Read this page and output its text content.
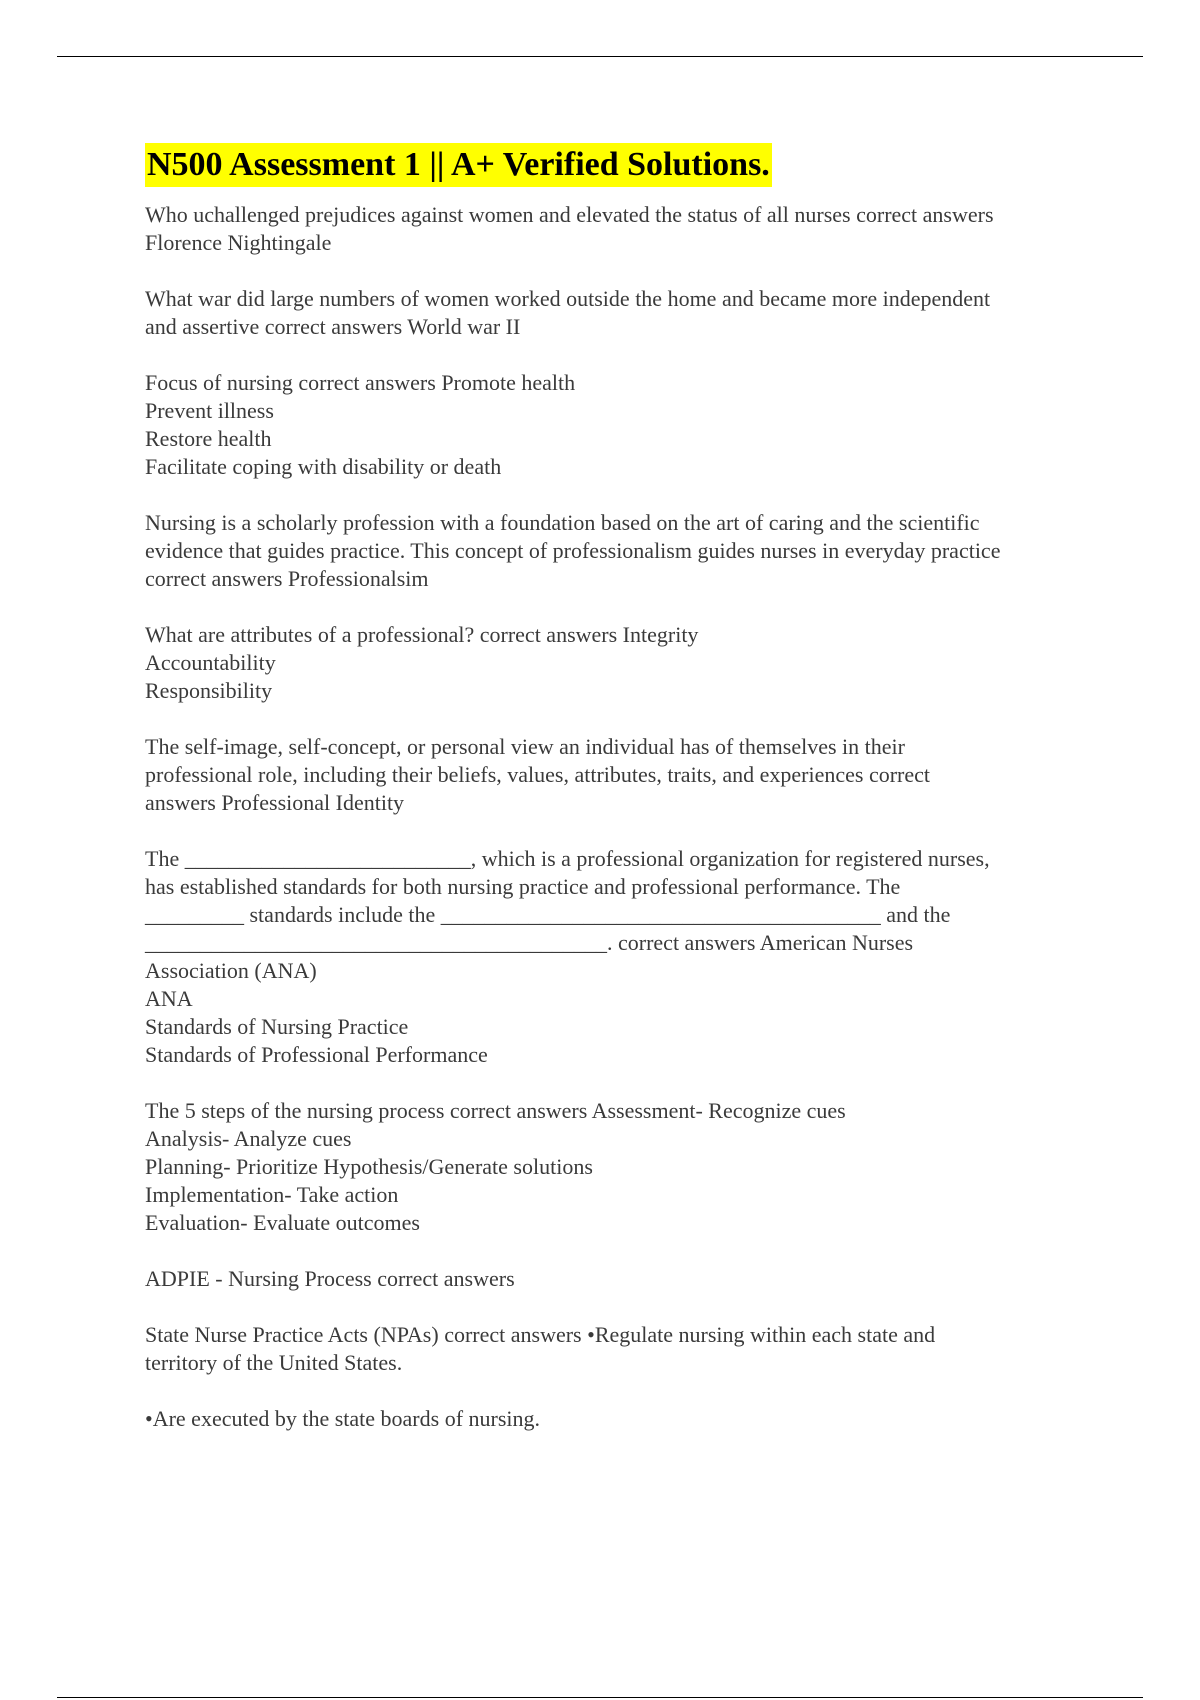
N500 Assessment 1 || A+ Verified Solutions.
Who uchallenged prejudices against women and elevated the status of all nurses correct answers
Florence Nightingale
What war did large numbers of women worked outside the home and became more independent
and assertive correct answers World war II
Focus of nursing correct answers Promote health
Prevent illness
Restore health
Facilitate coping with disability or death
Nursing is a scholarly profession with a foundation based on the art of caring and the scientific
evidence that guides practice. This concept of professionalism guides nurses in everyday practice
correct answers Professionalsim
What are attributes of a professional? correct answers Integrity
Accountability
Responsibility
The self-image, self-concept, or personal view an individual has of themselves in their
professional role, including their beliefs, values, attributes, traits, and experiences correct
answers Professional Identity
The __________________________, which is a professional organization for registered nurses,
has established standards for both nursing practice and professional performance. The
_________ standards include the ________________________________________ and the
__________________________________________. correct answers American Nurses
Association (ANA)
ANA
Standards of Nursing Practice
Standards of Professional Performance
The 5 steps of the nursing process correct answers Assessment- Recognize cues
Analysis- Analyze cues
Planning- Prioritize Hypothesis/Generate solutions
Implementation- Take action
Evaluation- Evaluate outcomes
ADPIE - Nursing Process correct answers
State Nurse Practice Acts (NPAs) correct answers •Regulate nursing within each state and
territory of the United States.
•Are executed by the state boards of nursing.
